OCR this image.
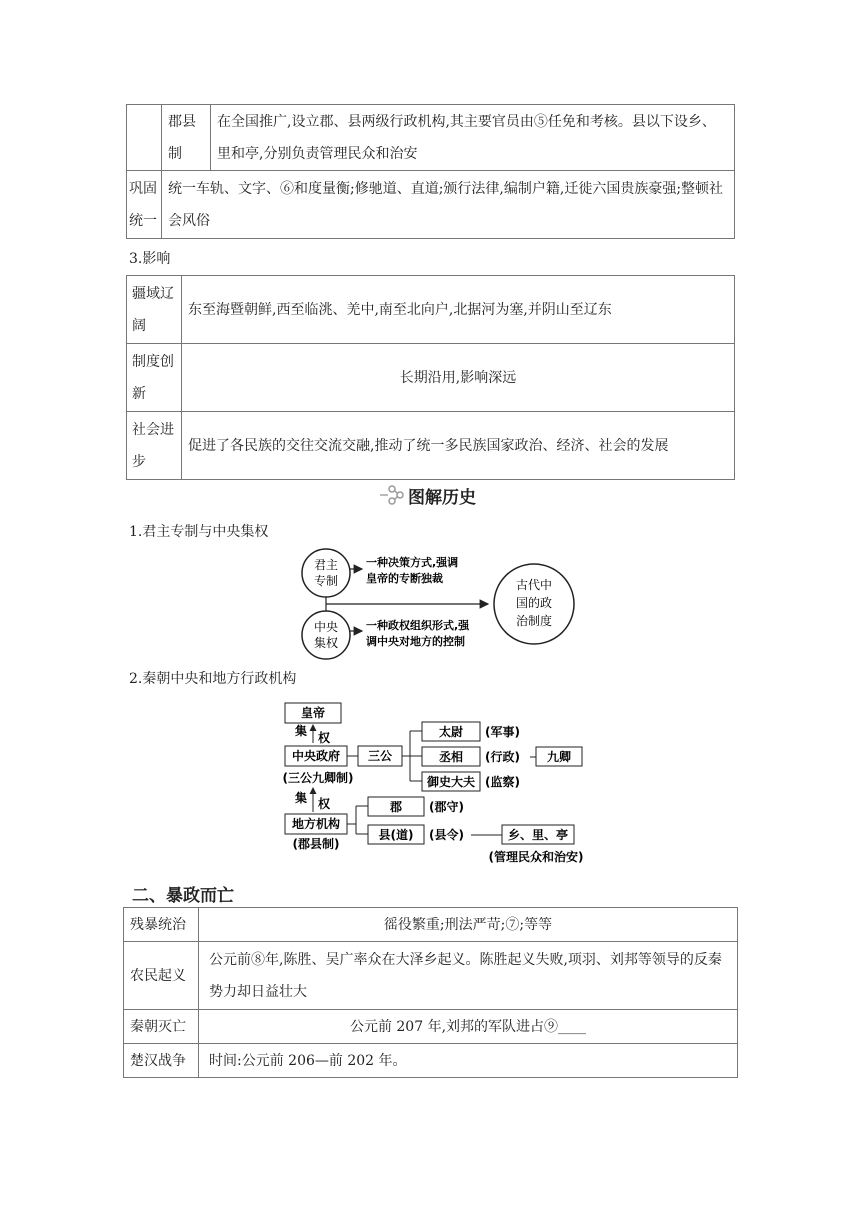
	郡县制	在全国推广,设立郡、县两级行政机构,其主要官员由⑤任免和考核。县以下设乡、里和亭,分别负责管理民众和治安
巩固统一	统一车轨、文字、⑥和度量衡;修驰道、直道;颁行法律,编制户籍,迁徙六国贵族豪强;整顿社会风俗	
3.影响
疆域辽阔	东至海暨朝鲜,西至临洮、羌中,南至北向户,北据河为塞,并阴山至辽东
制度创新	长期沿用,影响深远
社会进步	促进了各民族的交往交流交融,推动了统一多民族国家政治、经济、社会的发展
图解历史
1.君主专制与中央集权
君主
专制
中央
集权
一种决策方式,强调
皇帝的专断独裁
一种政权组织形式,强
调中央对地方的控制
古代中
国的政
治制度
2.秦朝中央和地方行政机构
皇帝
集 权
中央政府
(三公九卿制)
三公
太尉 (军事)
丞相 (行政) 九卿
御史大夫 (监察)
集 权
地方机构
(郡县制)
郡 (郡守)
县(道) (县令)	乡、里、亭
(管理民众和治安)
二、暴政而亡
残暴统治	徭役繁重;刑法严苛;⑦;等等
农民起义	公元前⑧年,陈胜、吴广率众在大泽乡起义。陈胜起义失败,项羽、刘邦等领导的反秦势力却日益壮大
秦朝灭亡	公元前 207 年,刘邦的军队进占⑨____
楚汉战争	时间:公元前 206—前 202 年。
